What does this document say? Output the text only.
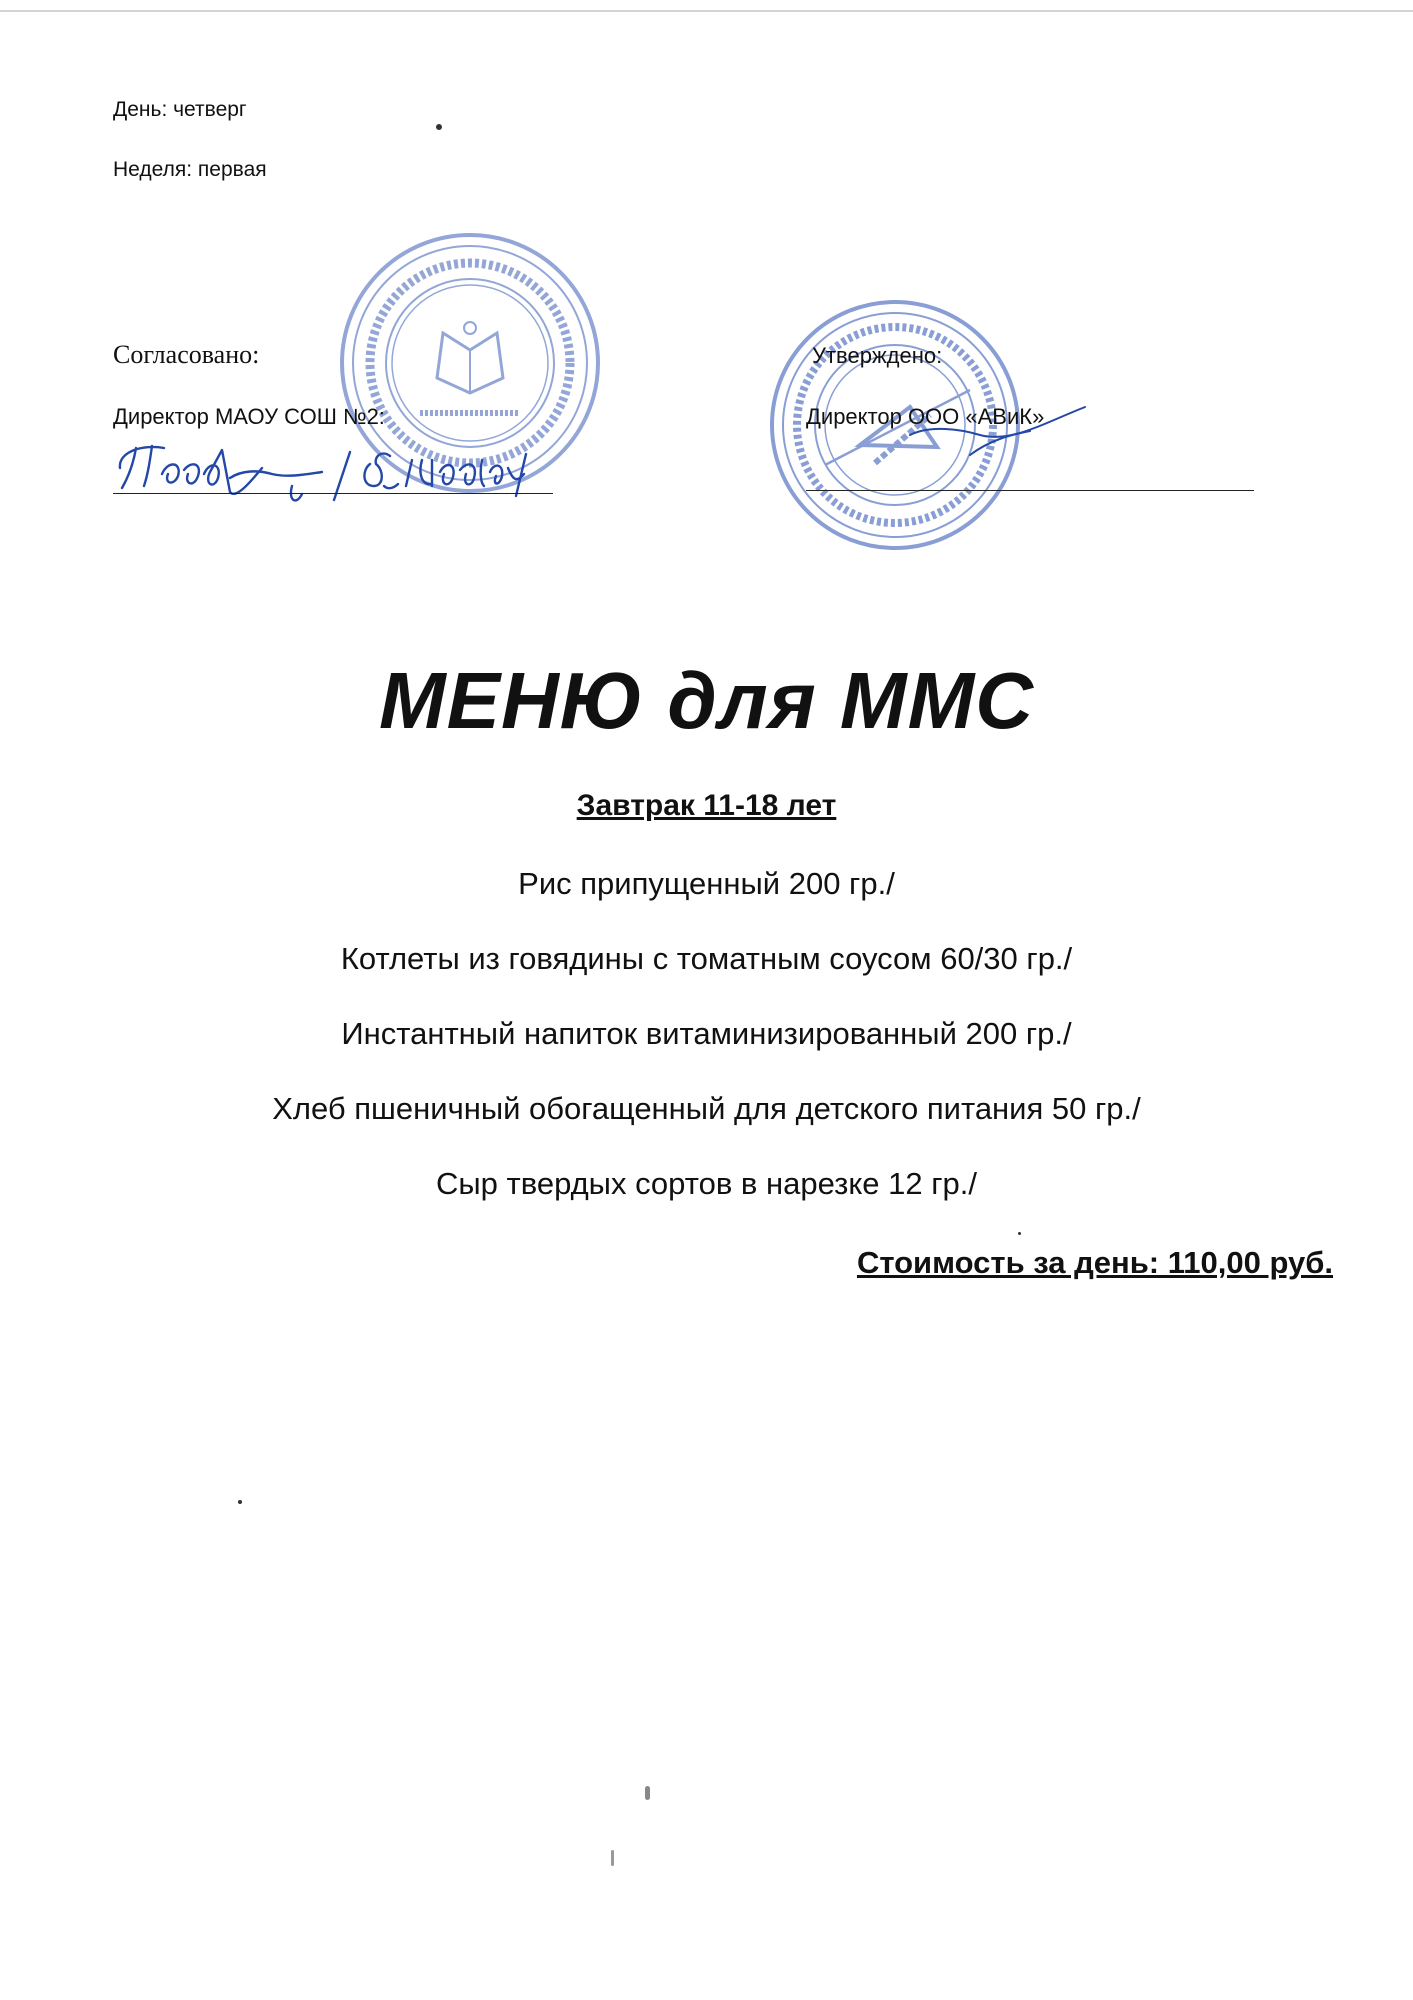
День: четверг
Неделя: первая
Согласовано:
Директор МАОУ СОШ №2:
Утверждено:
Директор ООО «АВиК»
МЕНЮ для ММС
Завтрак 11-18 лет
Рис припущенный 200 гр./
Котлеты из говядины с томатным соусом 60/30 гр./
Инстантный напиток витаминизированный 200 гр./
Хлеб пшеничный обогащенный для детского питания 50 гр./
Сыр твердых сортов в нарезке 12 гр./
Стоимость за день: 110,00 руб.
